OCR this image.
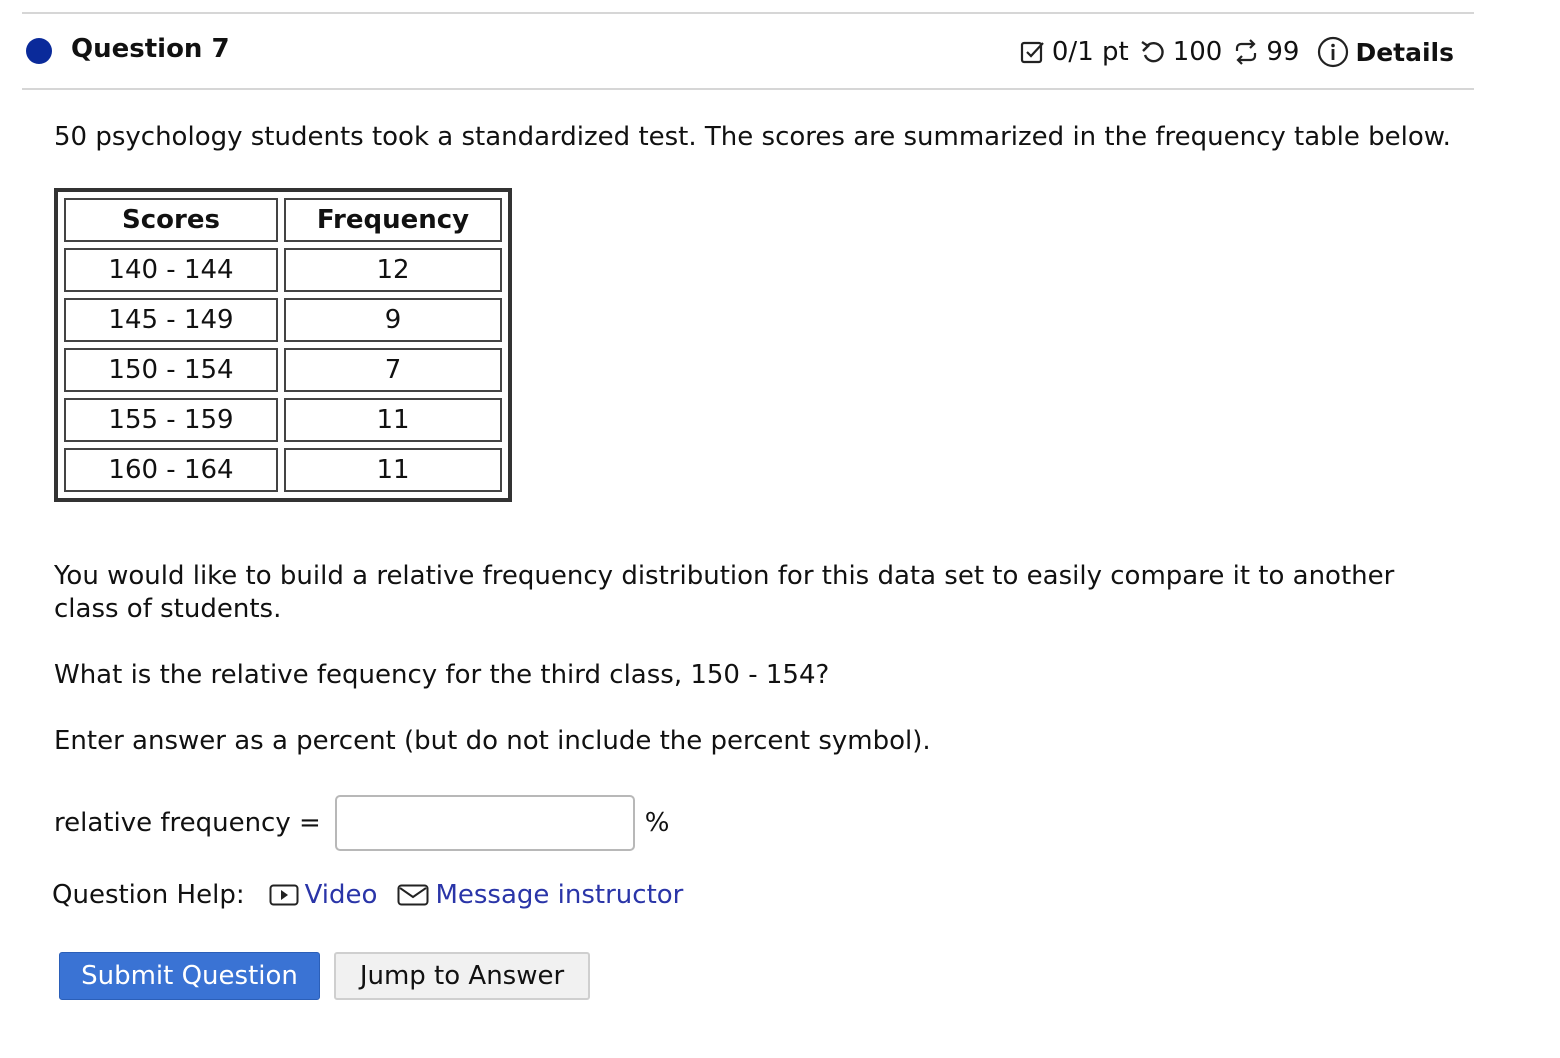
Question 7	0/1 pt 100 99 Details
50 psychology students took a standardized test. The scores are summarized in the frequency table below.
Scores	Frequency
140 - 144	12
145 - 149	9
150 - 154	7
155 - 159	11
160 - 164	11
You would like to build a relative frequency distribution for this data set to easily compare it to another class of students.
What is the relative fequency for the third class, 150 - 154?
Enter answer as a percent (but do not include the percent symbol).
relative frequency =	%
Question Help: Video Message instructor
Submit Question	Jump to Answer
